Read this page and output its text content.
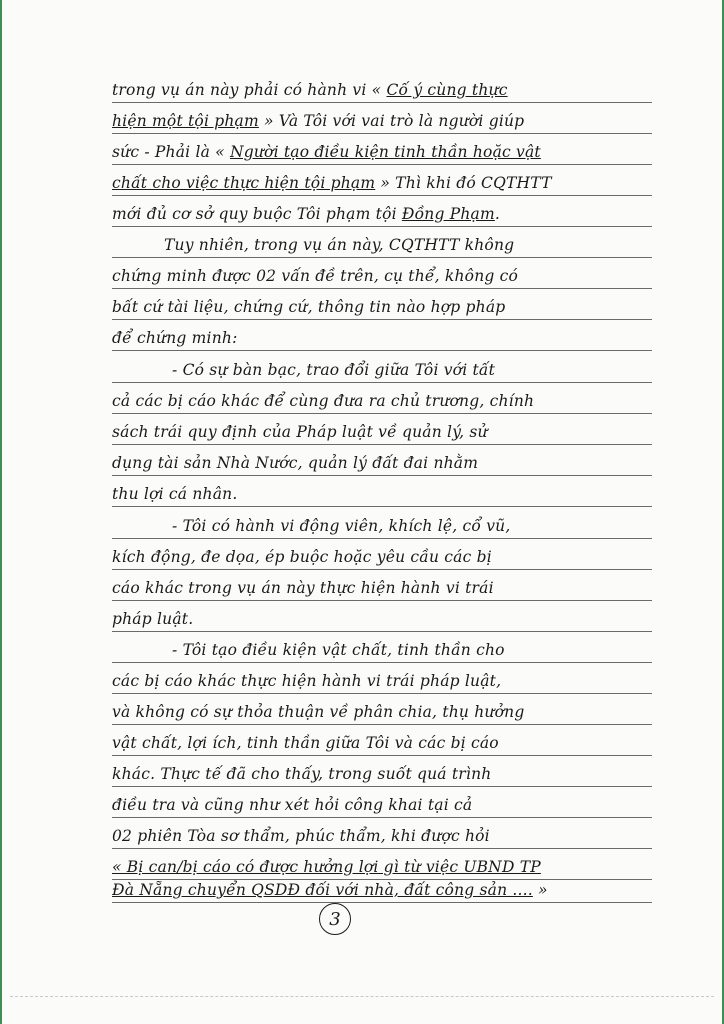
trong vụ án này phải có hành vi « Cố ý cùng thực
hiện một tội phạm » Và Tôi với vai trò là người giúp
sức - Phải là « Người tạo điều kiện tinh thần hoặc vật
chất cho việc thực hiện tội phạm » Thì khi đó CQTHTT
mới đủ cơ sở quy buộc Tôi phạm tội Đồng Phạm.
Tuy nhiên, trong vụ án này, CQTHTT không
chứng minh được 02 vấn đề trên, cụ thể, không có
bất cứ tài liệu, chứng cứ, thông tin nào hợp pháp
để chứng minh:
- Có sự bàn bạc, trao đổi giữa Tôi với tất
cả các bị cáo khác để cùng đưa ra chủ trương, chính
sách trái quy định của Pháp luật về quản lý, sử
dụng tài sản Nhà Nước, quản lý đất đai nhằm
thu lợi cá nhân.
- Tôi có hành vi động viên, khích lệ, cổ vũ,
kích động, đe dọa, ép buộc hoặc yêu cầu các bị
cáo khác trong vụ án này thực hiện hành vi trái
pháp luật.
- Tôi tạo điều kiện vật chất, tinh thần cho
các bị cáo khác thực hiện hành vi trái pháp luật,
và không có sự thỏa thuận về phân chia, thụ hưởng
vật chất, lợi ích, tinh thần giữa Tôi và các bị cáo
khác. Thực tế đã cho thấy, trong suốt quá trình
điều tra và cũng như xét hỏi công khai tại cả
02 phiên Tòa sơ thẩm, phúc thẩm, khi được hỏi
« Bị can/bị cáo có được hưởng lợi gì từ việc UBND TP
Đà Nẵng chuyển QSDĐ đối với nhà, đất công sản .... »
3
